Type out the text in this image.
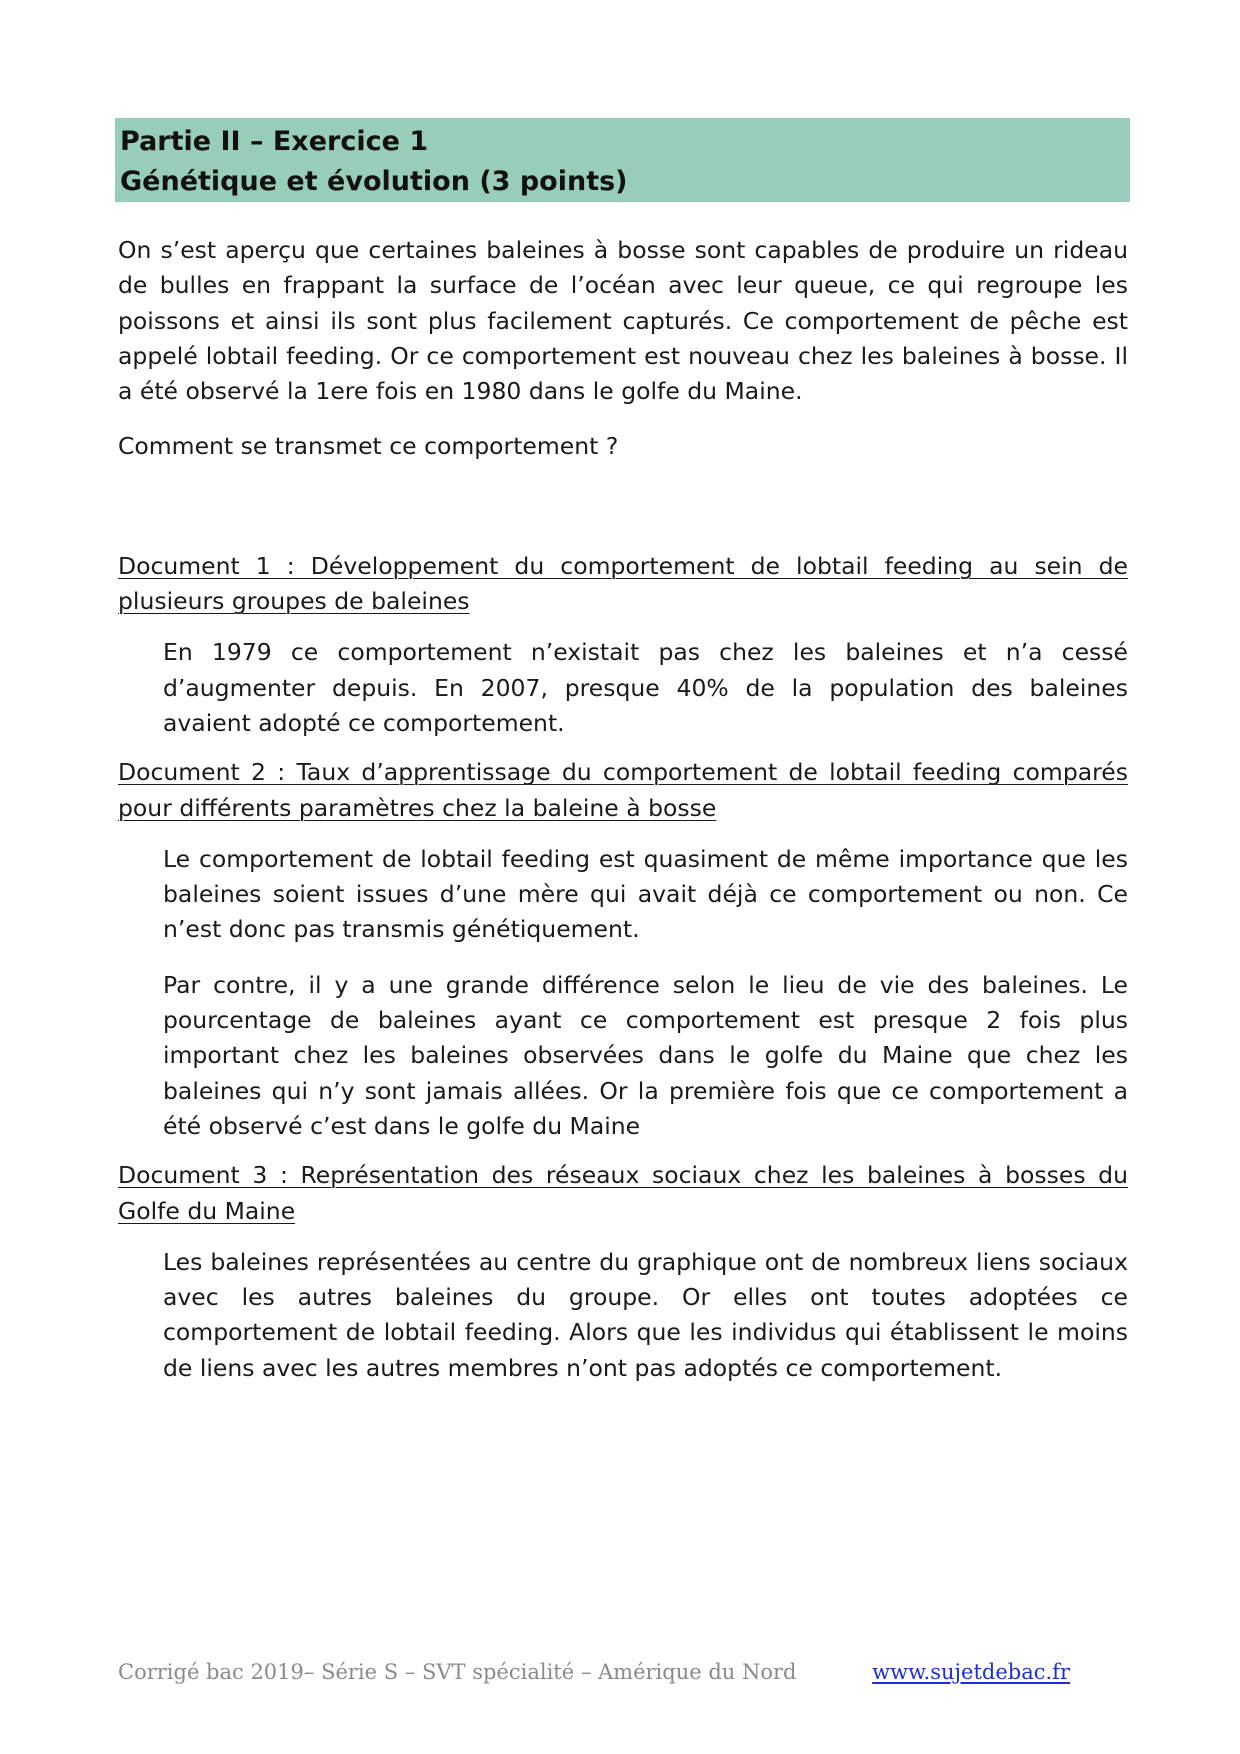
Partie II – Exercice 1
Génétique et évolution (3 points)

On s’est aperçu que certaines baleines à bosse sont capables de produire un rideau de bulles en frappant la surface de l’océan avec leur queue, ce qui regroupe les poissons et ainsi ils sont plus facilement capturés. Ce comportement de pêche est appelé lobtail feeding. Or ce comportement est nouveau chez les baleines à bosse. Il a été observé la 1ere fois en 1980 dans le golfe du Maine.

Comment se transmet ce comportement ?

Document 1 : Développement du comportement de lobtail feeding au sein de plusieurs groupes de baleines

En 1979 ce comportement n’existait pas chez les baleines et n’a cessé d’augmenter depuis. En 2007, presque 40% de la population des baleines avaient adopté ce comportement.

Document 2 : Taux d’apprentissage du comportement de lobtail feeding comparés pour différents paramètres chez la baleine à bosse

Le comportement de lobtail feeding est quasiment de même importance que les baleines soient issues d’une mère qui avait déjà ce comportement ou non. Ce n’est donc pas transmis génétiquement.

Par contre, il y a une grande différence selon le lieu de vie des baleines. Le pourcentage de baleines ayant ce comportement est presque 2 fois plus important chez les baleines observées dans le golfe du Maine que chez les baleines qui n’y sont jamais allées. Or la première fois que ce comportement a été observé c’est dans le golfe du Maine

Document 3 : Représentation des réseaux sociaux chez les baleines à bosses du Golfe du Maine

Les baleines représentées au centre du graphique ont de nombreux liens sociaux avec les autres baleines du groupe. Or elles ont toutes adoptées ce comportement de lobtail feeding. Alors que les individus qui établissent le moins de liens avec les autres membres n’ont pas adoptés ce comportement.

Corrigé bac 2019– Série S – SVT spécialité – Amérique du Nord	www.sujetdebac.fr
